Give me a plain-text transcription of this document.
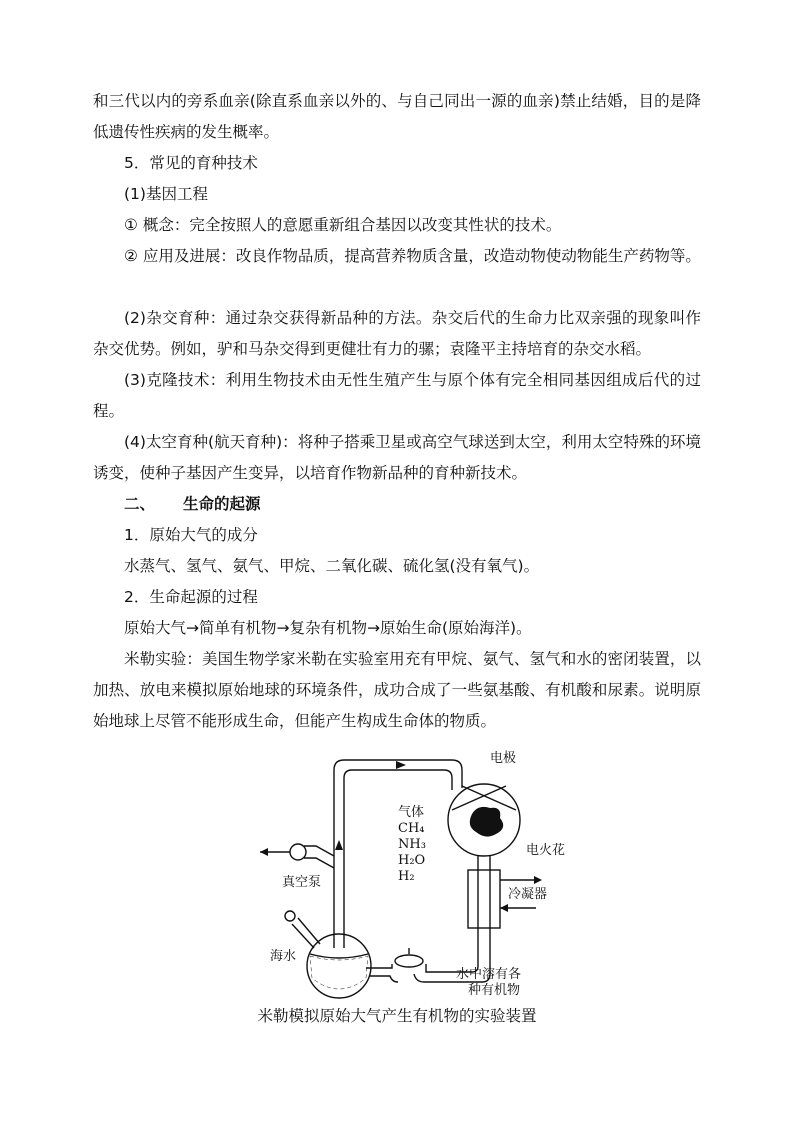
和三代以内的旁系血亲(除直系血亲以外的、与自己同出一源的血亲)禁止结婚，目的是降低遗传性疾病的发生概率。

5．常见的育种技术

(1)基因工程

① 概念：完全按照人的意愿重新组合基因以改变其性状的技术。

② 应用及进展：改良作物品质，提高营养物质含量，改造动物使动物能生产药物等。

(2)杂交育种：通过杂交获得新品种的方法。杂交后代的生命力比双亲强的现象叫作杂交优势。例如，驴和马杂交得到更健壮有力的骡；袁隆平主持培育的杂交水稻。

(3)克隆技术：利用生物技术由无性生殖产生与原个体有完全相同基因组成后代的过程。

(4)太空育种(航天育种)：将种子搭乘卫星或高空气球送到太空，利用太空特殊的环境诱变，使种子基因产生变异，以培育作物新品种的育种新技术。

二、 生命的起源

1．原始大气的成分

水蒸气、氢气、氨气、甲烷、二氧化碳、硫化氢(没有氧气)。

2．生命起源的过程

原始大气→简单有机物→复杂有机物→原始生命(原始海洋)。

米勒实验：美国生物学家米勒在实验室用充有甲烷、氨气、氢气和水的密闭装置，以加热、放电来模拟原始地球的环境条件，成功合成了一些氨基酸、有机酸和尿素。说明原始地球上尽管不能形成生命，但能产生构成生命体的物质。

电极
气体
CH₄
NH₃
H₂O
H₂
电火花
真空泵
冷凝器
海水
水中溶有各
种有机物
米勒模拟原始大气产生有机物的实验装置
